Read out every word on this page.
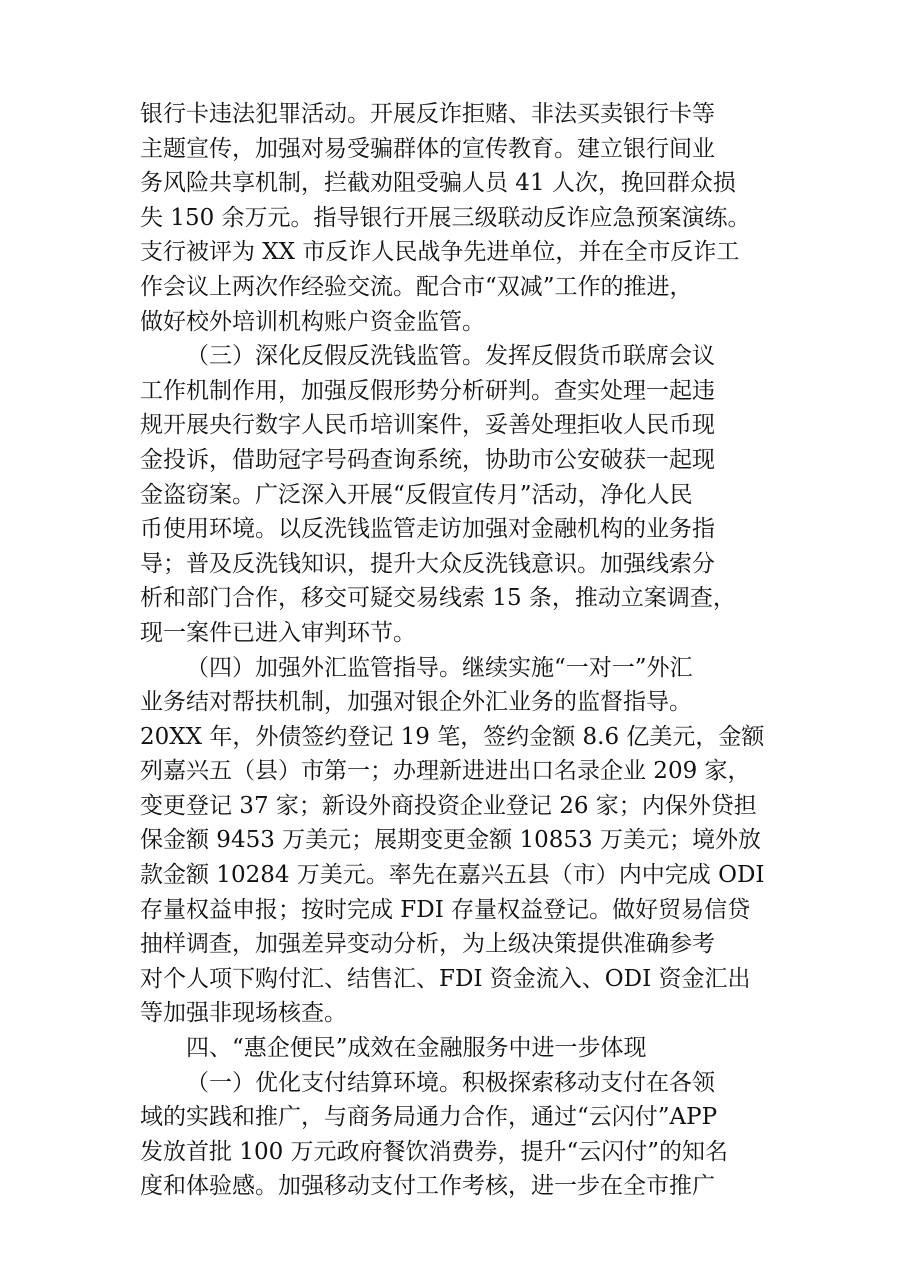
银行卡违法犯罪活动。开展反诈拒赌、非法买卖银行卡等
主题宣传，加强对易受骗群体的宣传教育。建立银行间业
务风险共享机制，拦截劝阻受骗人员 41 人次，挽回群众损
失 150 余万元。指导银行开展三级联动反诈应急预案演练。
支行被评为 XX 市反诈人民战争先进单位，并在全市反诈工
作会议上两次作经验交流。配合市“双减”工作的推进，
做好校外培训机构账户资金监管。
（三）深化反假反洗钱监管。发挥反假货币联席会议
工作机制作用，加强反假形势分析研判。查实处理一起违
规开展央行数字人民币培训案件，妥善处理拒收人民币现
金投诉，借助冠字号码查询系统，协助市公安破获一起现
金盗窃案。广泛深入开展“反假宣传月”活动，净化人民
币使用环境。以反洗钱监管走访加强对金融机构的业务指
导；普及反洗钱知识，提升大众反洗钱意识。加强线索分
析和部门合作，移交可疑交易线索 15 条，推动立案调查，
现一案件已进入审判环节。
（四）加强外汇监管指导。继续实施“一对一”外汇
业务结对帮扶机制，加强对银企外汇业务的监督指导。
20XX 年，外债签约登记 19 笔，签约金额 8.6 亿美元，金额
列嘉兴五（县）市第一；办理新进进出口名录企业 209 家，
变更登记 37 家；新设外商投资企业登记 26 家；内保外贷担
保金额 9453 万美元；展期变更金额 10853 万美元；境外放
款金额 10284 万美元。率先在嘉兴五县（市）内中完成 ODI
存量权益申报；按时完成 FDI 存量权益登记。做好贸易信贷
抽样调查，加强差异变动分析，为上级决策提供准确参考
对个人项下购付汇、结售汇、FDI 资金流入、ODI 资金汇出
等加强非现场核查。
四、“惠企便民”成效在金融服务中进一步体现
（一）优化支付结算环境。积极探索移动支付在各领
域的实践和推广，与商务局通力合作，通过“云闪付”APP
发放首批 100 万元政府餐饮消费券，提升“云闪付”的知名
度和体验感。加强移动支付工作考核，进一步在全市推广
